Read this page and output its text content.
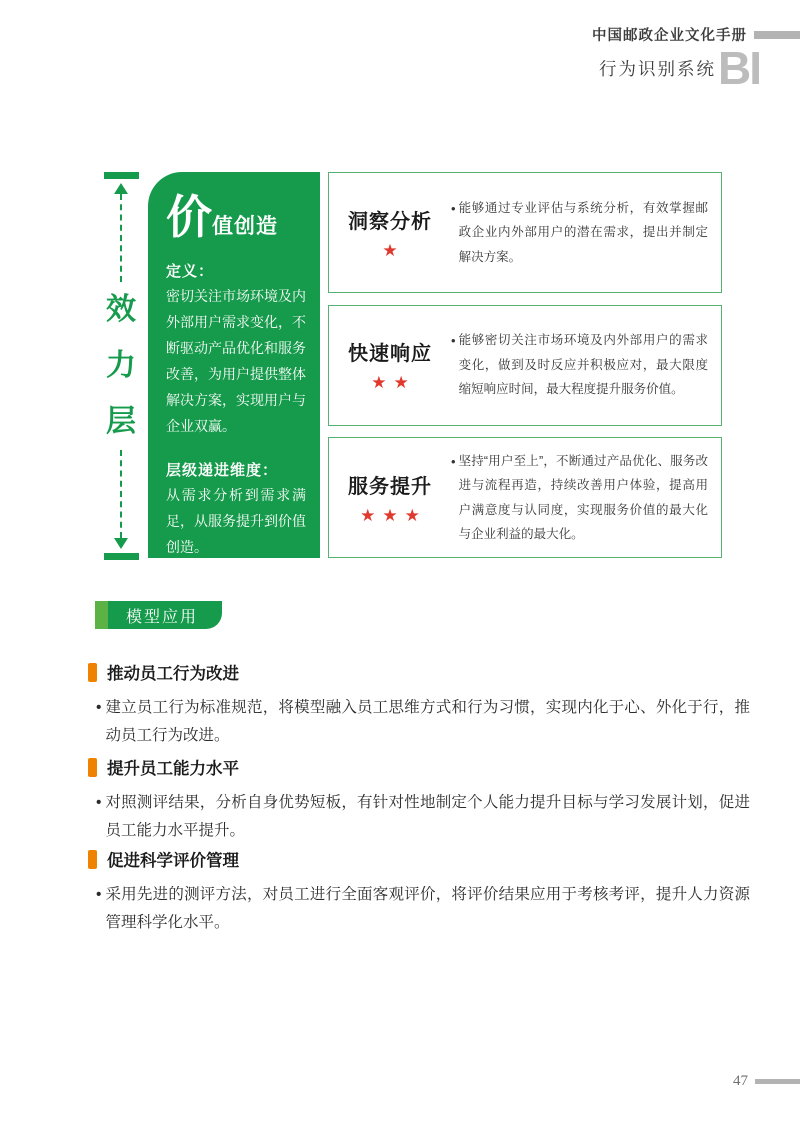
中国邮政企业文化手册
行为识别系统 BI
效
力
层
价 值创造
定义：
密切关注市场环境及内外部用户需求变化，不断驱动产品优化和服务改善，为用户提供整体解决方案，实现用户与企业双赢。
层级递进维度：
从需求分析到需求满足，从服务提升到价值创造。
洞察分析
★
• 能够通过专业评估与系统分析，有效掌握邮政企业内外部用户的潜在需求，提出并制定解决方案。
快速响应
★★
• 能够密切关注市场环境及内外部用户的需求变化，做到及时反应并积极应对，最大限度缩短响应时间，最大程度提升服务价值。
服务提升
★★★
• 坚持“用户至上”，不断通过产品优化、服务改进与流程再造，持续改善用户体验，提高用户满意度与认同度，实现服务价值的最大化与企业利益的最大化。
模型应用
推动员工行为改进
• 建立员工行为标准规范，将模型融入员工思维方式和行为习惯，实现内化于心、外化于行，推动员工行为改进。
提升员工能力水平
• 对照测评结果，分析自身优势短板，有针对性地制定个人能力提升目标与学习发展计划，促进员工能力水平提升。
促进科学评价管理
• 采用先进的测评方法，对员工进行全面客观评价，将评价结果应用于考核考评，提升人力资源管理科学化水平。
47
